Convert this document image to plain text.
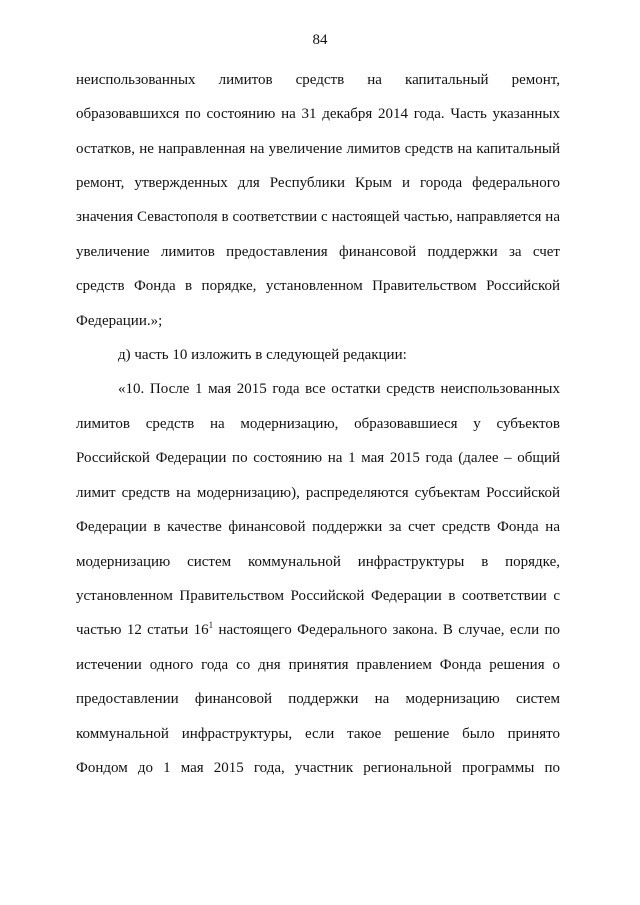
84
неиспользованных лимитов средств на капитальный ремонт,
образовавшихся по состоянию на 31 декабря 2014 года. Часть указанных
остатков, не направленная на увеличение лимитов средств на капитальный
ремонт, утвержденных для Республики Крым и города федерального
значения Севастополя в соответствии с настоящей частью, направляется на
увеличение лимитов предоставления финансовой поддержки за счет
средств Фонда в порядке, установленном Правительством Российской
Федерации.»;
д) часть 10 изложить в следующей редакции:
«10. После 1 мая 2015 года все остатки средств неиспользованных
лимитов средств на модернизацию, образовавшиеся у субъектов
Российской Федерации по состоянию на 1 мая 2015 года (далее – общий
лимит средств на модернизацию), распределяются субъектам Российской
Федерации в качестве финансовой поддержки за счет средств Фонда на
модернизацию систем коммунальной инфраструктуры в порядке,
установленном Правительством Российской Федерации в соответствии с
частью 12 статьи $16^1$ настоящего Федерального закона. В случае, если по
истечении одного года со дня принятия правлением Фонда решения о
предоставлении финансовой поддержки на модернизацию систем
коммунальной инфраструктуры, если такое решение было принято
Фондом до 1 мая 2015 года, участник региональной программы по
